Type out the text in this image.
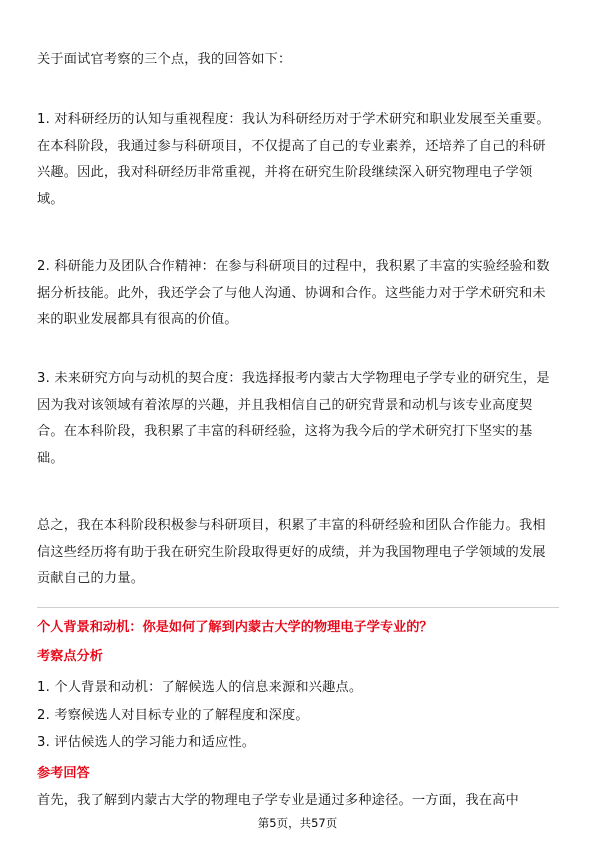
关于面试官考察的三个点，我的回答如下：

1. 对科研经历的认知与重视程度：我认为科研经历对于学术研究和职业发展至关重要。在本科阶段，我通过参与科研项目，不仅提高了自己的专业素养，还培养了自己的科研兴趣。因此，我对科研经历非常重视，并将在研究生阶段继续深入研究物理电子学领域。

2. 科研能力及团队合作精神：在参与科研项目的过程中，我积累了丰富的实验经验和数据分析技能。此外，我还学会了与他人沟通、协调和合作。这些能力对于学术研究和未来的职业发展都具有很高的价值。

3. 未来研究方向与动机的契合度：我选择报考内蒙古大学物理电子学专业的研究生，是因为我对该领域有着浓厚的兴趣，并且我相信自己的研究背景和动机与该专业高度契合。在本科阶段，我积累了丰富的科研经验，这将为我今后的学术研究打下坚实的基础。

总之，我在本科阶段积极参与科研项目，积累了丰富的科研经验和团队合作能力。我相信这些经历将有助于我在研究生阶段取得更好的成绩，并为我国物理电子学领域的发展贡献自己的力量。

个人背景和动机：你是如何了解到内蒙古大学的物理电子学专业的？
考察点分析

1. 个人背景和动机：了解候选人的信息来源和兴趣点。

2. 考察候选人对目标专业的了解程度和深度。

3. 评估候选人的学习能力和适应性。

参考回答

首先，我了解到内蒙古大学的物理电子学专业是通过多种途径。一方面，我在高中

第5页，共57页
